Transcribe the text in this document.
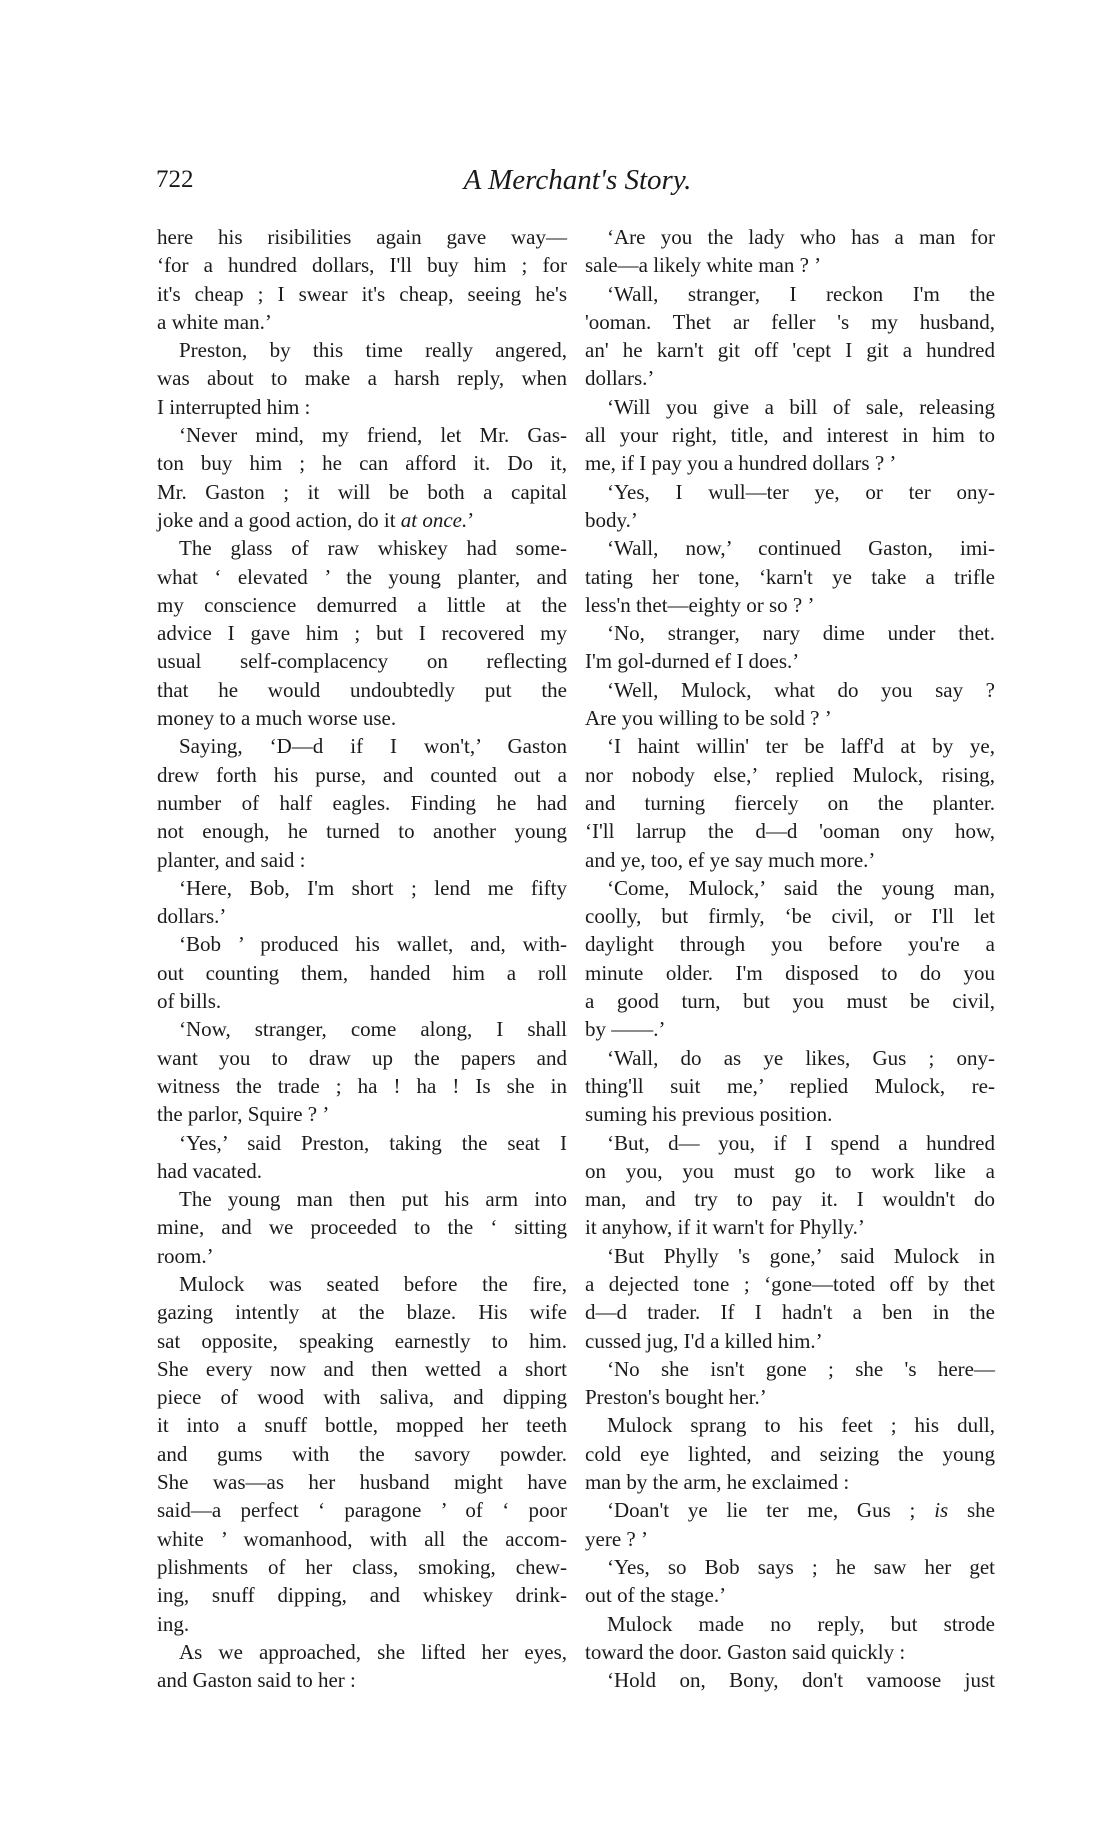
722	A Merchant's Story.
here his risibilities again gave way—
‘for a hundred dollars, I'll buy him ; for
it's cheap ; I swear it's cheap, seeing he's
a white man.’
Preston, by this time really angered,
was about to make a harsh reply, when
I interrupted him :
‘Never mind, my friend, let Mr. Gas-
ton buy him ; he can afford it. Do it,
Mr. Gaston ; it will be both a capital
joke and a good action, do it at once.’
The glass of raw whiskey had some-
what ‘ elevated ’ the young planter, and
my conscience demurred a little at the
advice I gave him ; but I recovered my
usual self-complacency on reflecting
that he would undoubtedly put the
money to a much worse use.
Saying, ‘D—d if I won't,’ Gaston
drew forth his purse, and counted out a
number of half eagles. Finding he had
not enough, he turned to another young
planter, and said :
‘Here, Bob, I'm short ; lend me fifty
dollars.’
‘Bob ’ produced his wallet, and, with-
out counting them, handed him a roll
of bills.
‘Now, stranger, come along, I shall
want you to draw up the papers and
witness the trade ; ha ! ha ! Is she in
the parlor, Squire ? ’
‘Yes,’ said Preston, taking the seat I
had vacated.
The young man then put his arm into
mine, and we proceeded to the ‘ sitting
room.’
Mulock was seated before the fire,
gazing intently at the blaze. His wife
sat opposite, speaking earnestly to him.
She every now and then wetted a short
piece of wood with saliva, and dipping
it into a snuff bottle, mopped her teeth
and gums with the savory powder.
She was—as her husband might have
said—a perfect ‘ paragone ’ of ‘ poor
white ’ womanhood, with all the accom-
plishments of her class, smoking, chew-
ing, snuff dipping, and whiskey drink-
ing.
As we approached, she lifted her eyes,
and Gaston said to her :
‘Are you the lady who has a man for
sale—a likely white man ? ’
‘Wall, stranger, I reckon I'm the
'ooman. Thet ar feller 's my husband,
an' he karn't git off 'cept I git a hundred
dollars.’
‘Will you give a bill of sale, releasing
all your right, title, and interest in him to
me, if I pay you a hundred dollars ? ’
‘Yes, I wull—ter ye, or ter ony-
body.’
‘Wall, now,’ continued Gaston, imi-
tating her tone, ‘karn't ye take a trifle
less'n thet—eighty or so ? ’
‘No, stranger, nary dime under thet.
I'm gol-durned ef I does.’
‘Well, Mulock, what do you say ?
Are you willing to be sold ? ’
‘I haint willin' ter be laff'd at by ye,
nor nobody else,’ replied Mulock, rising,
and turning fiercely on the planter.
‘I'll larrup the d—d 'ooman ony how,
and ye, too, ef ye say much more.’
‘Come, Mulock,’ said the young man,
coolly, but firmly, ‘be civil, or I'll let
daylight through you before you're a
minute older. I'm disposed to do you
a good turn, but you must be civil,
by ——.’
‘Wall, do as ye likes, Gus ; ony-
thing'll suit me,’ replied Mulock, re-
suming his previous position.
‘But, d— you, if I spend a hundred
on you, you must go to work like a
man, and try to pay it. I wouldn't do
it anyhow, if it warn't for Phylly.’
‘But Phylly 's gone,’ said Mulock in
a dejected tone ; ‘gone—toted off by thet
d—d trader. If I hadn't a ben in the
cussed jug, I'd a killed him.’
‘No she isn't gone ; she 's here—
Preston's bought her.’
Mulock sprang to his feet ; his dull,
cold eye lighted, and seizing the young
man by the arm, he exclaimed :
‘Doan't ye lie ter me, Gus ; is she
yere ? ’
‘Yes, so Bob says ; he saw her get
out of the stage.’
Mulock made no reply, but strode
toward the door. Gaston said quickly :
‘Hold on, Bony, don't vamoose just
